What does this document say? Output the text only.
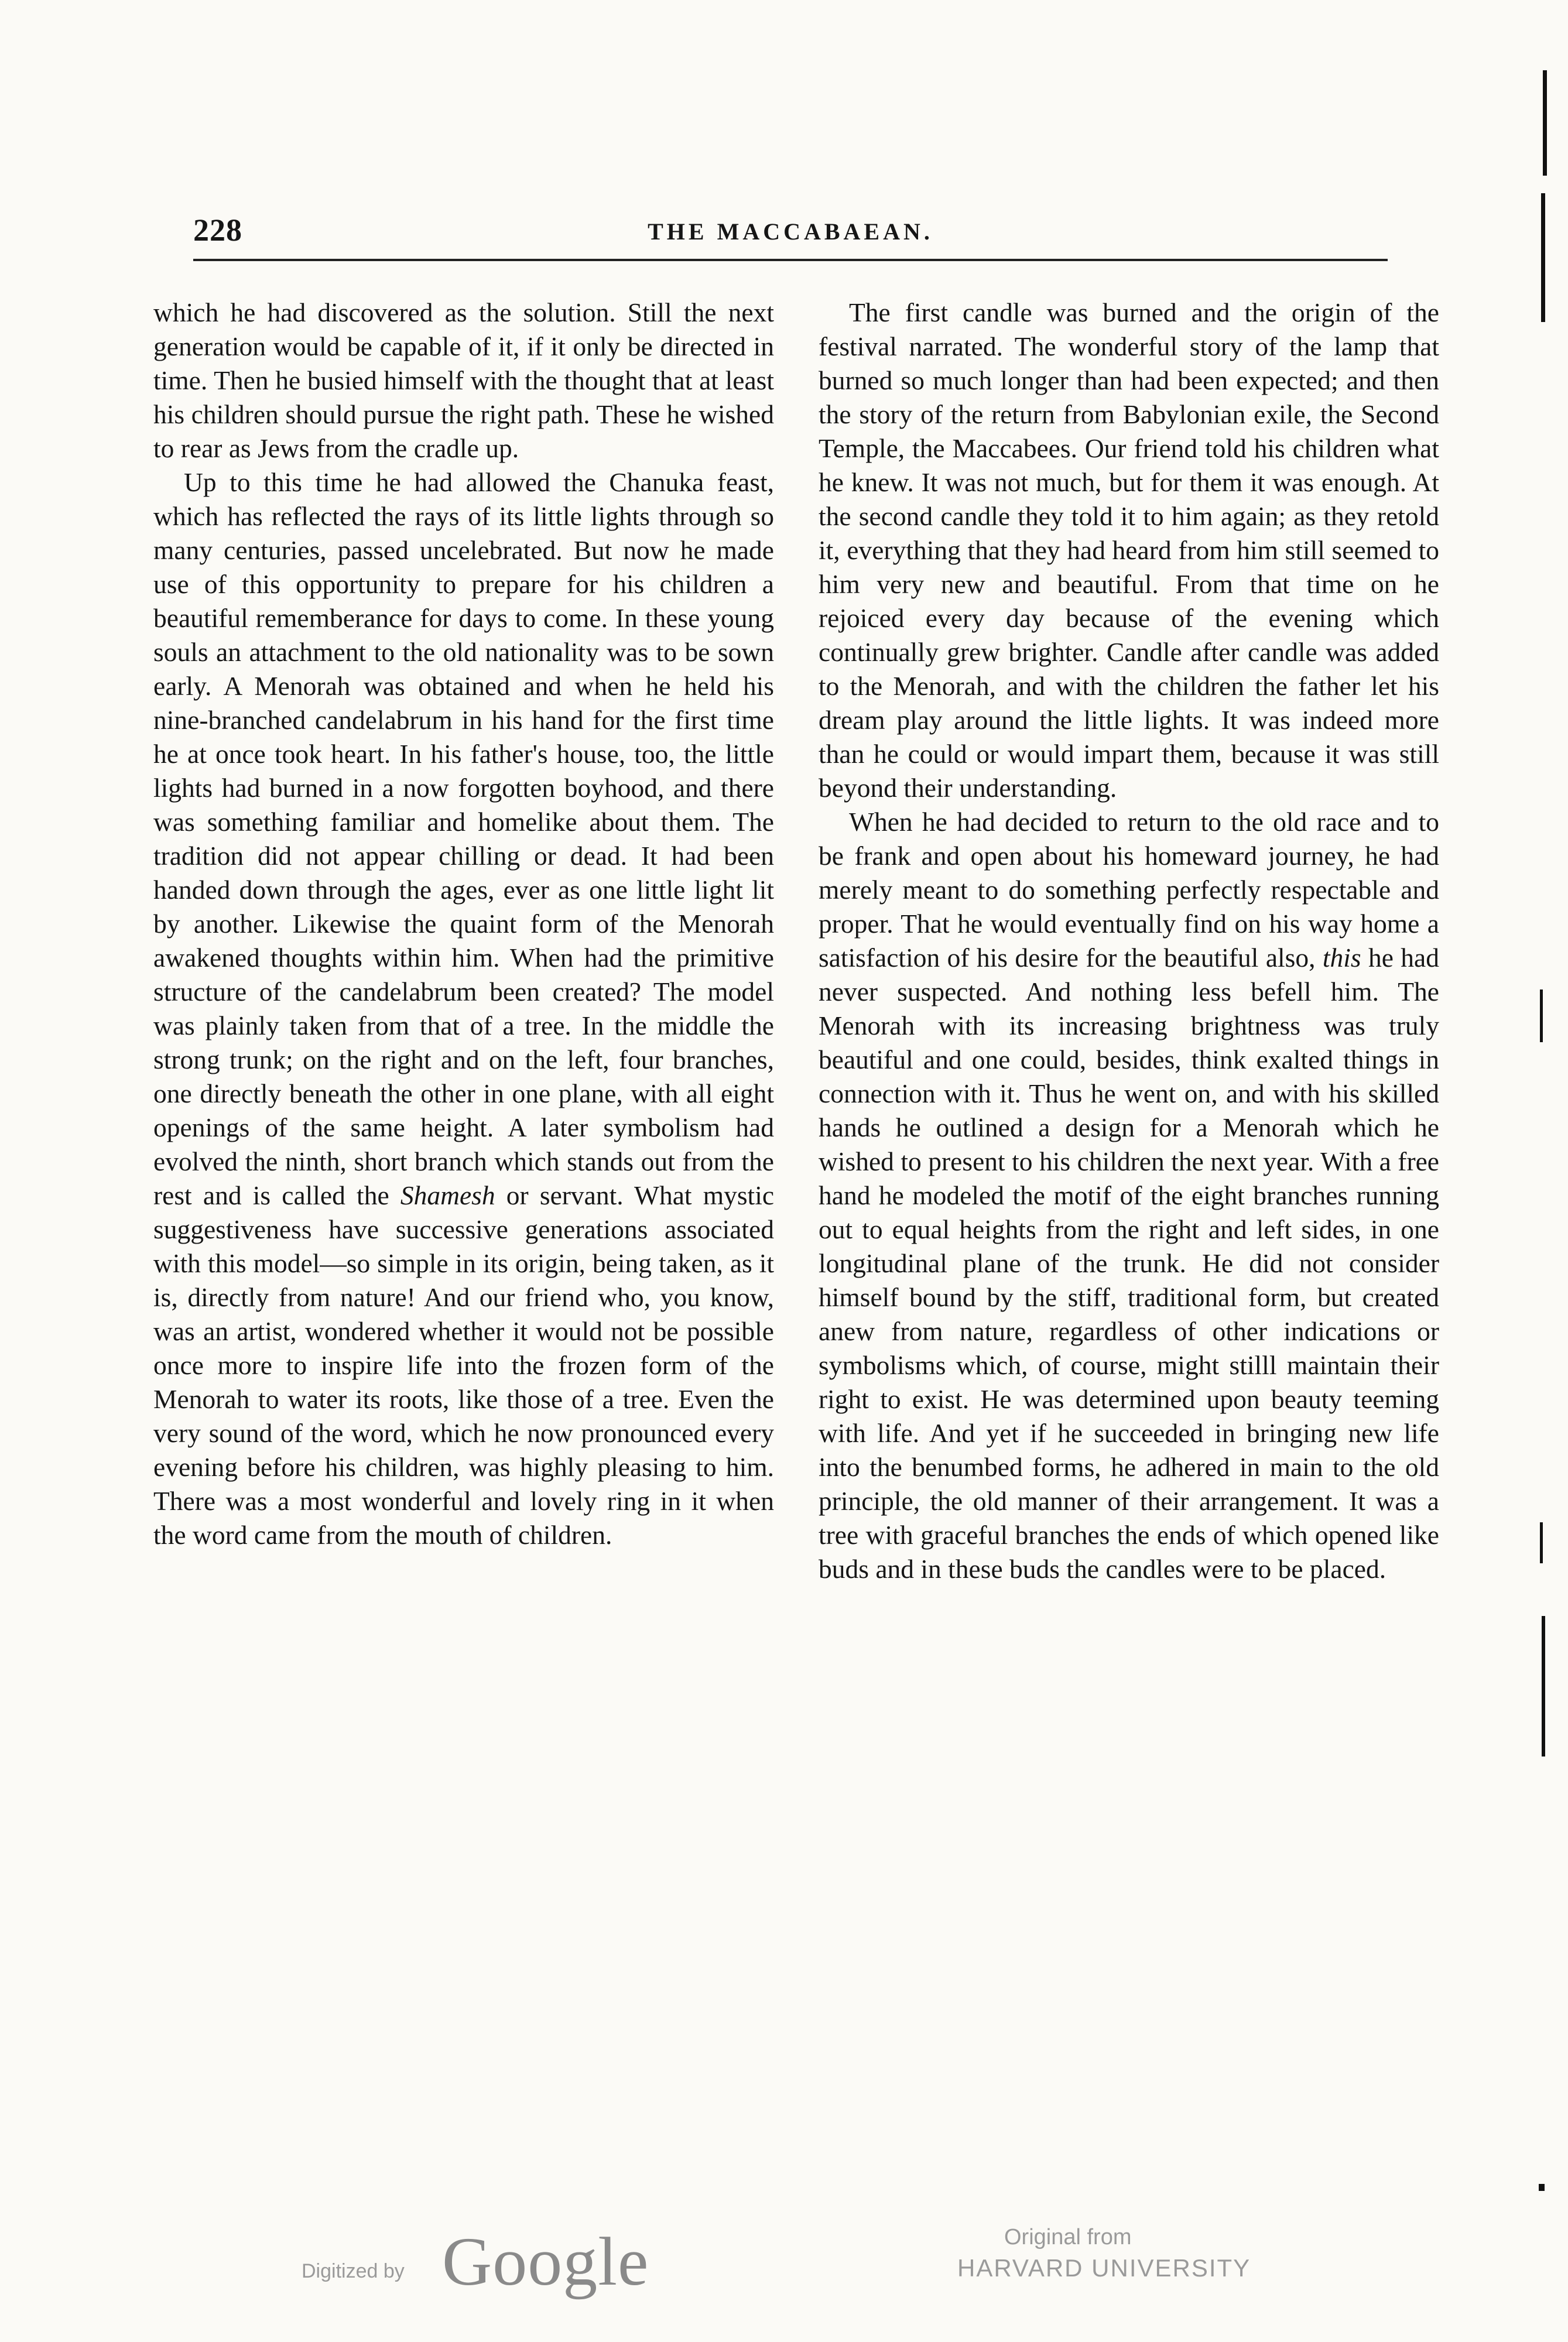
228	THE MACCABAEAN.

which he had discovered as the solution. Still the next generation would be capable of it, if it only be directed in time. Then he busied himself with the thought that at least his children should pursue the right path. These he wished to rear as Jews from the cradle up.

Up to this time he had allowed the Chanuka feast, which has reflected the rays of its little lights through so many centuries, passed uncelebrated. But now he made use of this opportunity to prepare for his children a beautiful rememberance for days to come. In these young souls an attachment to the old nationality was to be sown early. A Menorah was obtained and when he held his nine-branched candelabrum in his hand for the first time he at once took heart. In his father's house, too, the little lights had burned in a now forgotten boyhood, and there was something familiar and homelike about them. The tradition did not appear chilling or dead. It had been handed down through the ages, ever as one little light lit by another. Likewise the quaint form of the Menorah awakened thoughts within him. When had the primitive structure of the candelabrum been created? The model was plainly taken from that of a tree. In the middle the strong trunk; on the right and on the left, four branches, one directly beneath the other in one plane, with all eight openings of the same height. A later symbolism had evolved the ninth, short branch which stands out from the rest and is called the Shamesh or servant. What mystic suggestiveness have successive generations associated with this model—so simple in its origin, being taken, as it is, directly from nature! And our friend who, you know, was an artist, wondered whether it would not be possible once more to inspire life into the frozen form of the Menorah to water its roots, like those of a tree. Even the very sound of the word, which he now pronounced every evening before his children, was highly pleasing to him. There was a most wonderful and lovely ring in it when the word came from the mouth of children.

The first candle was burned and the origin of the festival narrated. The wonderful story of the lamp that burned so much longer than had been expected; and then the story of the return from Babylonian exile, the Second Temple, the Maccabees. Our friend told his children what he knew. It was not much, but for them it was enough. At the second candle they told it to him again; as they retold it, everything that they had heard from him still seemed to him very new and beautiful. From that time on he rejoiced every day because of the evening which continually grew brighter. Candle after candle was added to the Menorah, and with the children the father let his dream play around the little lights. It was indeed more than he could or would impart them, because it was still beyond their understanding.

When he had decided to return to the old race and to be frank and open about his homeward journey, he had merely meant to do something perfectly respectable and proper. That he would eventually find on his way home a satisfaction of his desire for the beautiful also, this he had never suspected. And nothing less befell him. The Menorah with its increasing brightness was truly beautiful and one could, besides, think exalted things in connection with it. Thus he went on, and with his skilled hands he outlined a design for a Menorah which he wished to present to his children the next year. With a free hand he modeled the motif of the eight branches running out to equal heights from the right and left sides, in one longitudinal plane of the trunk. He did not consider himself bound by the stiff, traditional form, but created anew from nature, regardless of other indications or symbolisms which, of course, might stilll maintain their right to exist. He was determined upon beauty teeming with life. And yet if he succeeded in bringing new life into the benumbed forms, he adhered in main to the old principle, the old manner of their arrangement. It was a tree with graceful branches the ends of which opened like buds and in these buds the candles were to be placed.

Digitized by Google	Original from
HARVARD UNIVERSITY
